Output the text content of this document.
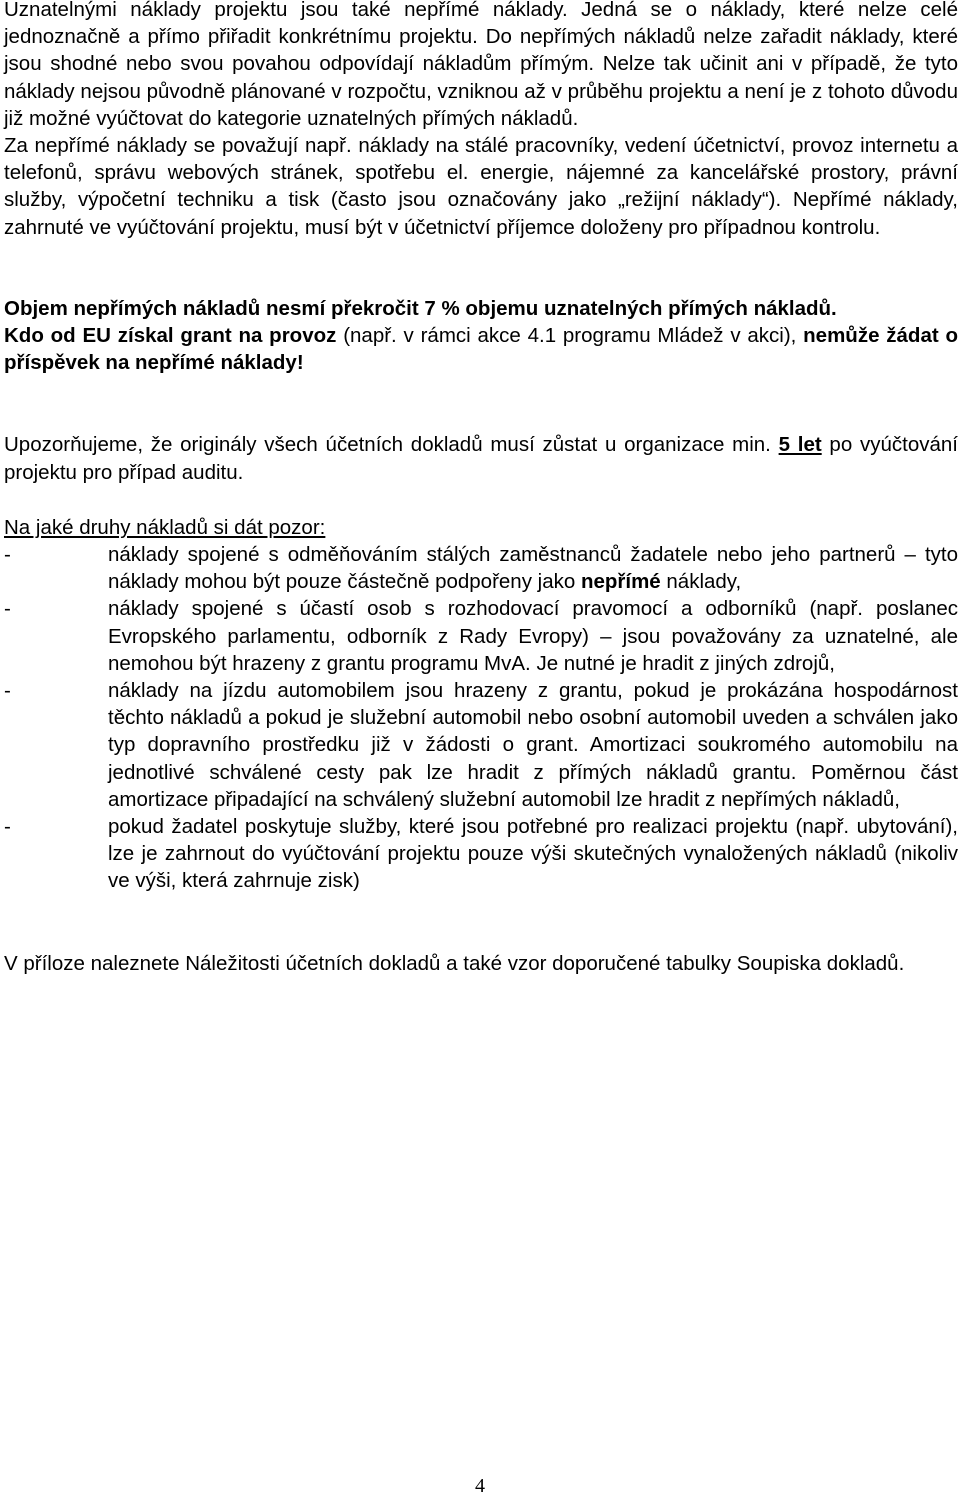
Uznatelnými náklady projektu jsou také nepřímé náklady. Jedná se o náklady, které nelze celé jednoznačně a přímo přiřadit konkrétnímu projektu. Do nepřímých nákladů nelze zařadit náklady, které jsou shodné nebo svou povahou odpovídají nákladům přímým. Nelze tak učinit ani v případě, že tyto náklady nejsou původně plánované v rozpočtu, vzniknou až v průběhu projektu a není je z tohoto důvodu již možné vyúčtovat do kategorie uznatelných přímých nákladů.

Za nepřímé náklady se považují např. náklady na stálé pracovníky, vedení účetnictví, provoz internetu a telefonů, správu webových stránek, spotřebu el. energie, nájemné za kancelářské prostory, právní služby, výpočetní techniku a tisk (často jsou označovány jako „režijní náklady“). Nepřímé náklady, zahrnuté ve vyúčtování projektu, musí být v účetnictví příjemce doloženy pro případnou kontrolu.

Objem nepřímých nákladů nesmí překročit 7 % objemu uznatelných přímých nákladů.

Kdo od EU získal grant na provoz (např. v rámci akce 4.1 programu Mládež v akci), nemůže žádat o příspěvek na nepřímé náklady!

Upozorňujeme, že originály všech účetních dokladů musí zůstat u organizace min. 5 let po vyúčtování projektu pro případ auditu.

Na jaké druhy nákladů si dát pozor:

-	náklady spojené s odměňováním stálých zaměstnanců žadatele nebo jeho partnerů – tyto náklady mohou být pouze částečně podpořeny jako nepřímé náklady,
-	náklady spojené s účastí osob s rozhodovací pravomocí a odborníků (např. poslanec Evropského parlamentu, odborník z Rady Evropy) – jsou považovány za uznatelné, ale nemohou být hrazeny z grantu programu MvA. Je nutné je hradit z jiných zdrojů,
-	náklady na jízdu automobilem jsou hrazeny z grantu, pokud je prokázána hospodárnost těchto nákladů a pokud je služební automobil nebo osobní automobil uveden a schválen jako typ dopravního prostředku již v žádosti o grant. Amortizaci soukromého automobilu na jednotlivé schválené cesty pak lze hradit z přímých nákladů grantu. Poměrnou část amortizace připadající na schválený služební automobil lze hradit z nepřímých nákladů,
-	pokud žadatel poskytuje služby, které jsou potřebné pro realizaci projektu (např. ubytování), lze je zahrnout do vyúčtování projektu pouze výši skutečných vynaložených nákladů (nikoliv ve výši, která zahrnuje zisk)

V příloze naleznete Náležitosti účetních dokladů a také vzor doporučené tabulky Soupiska dokladů.

4
